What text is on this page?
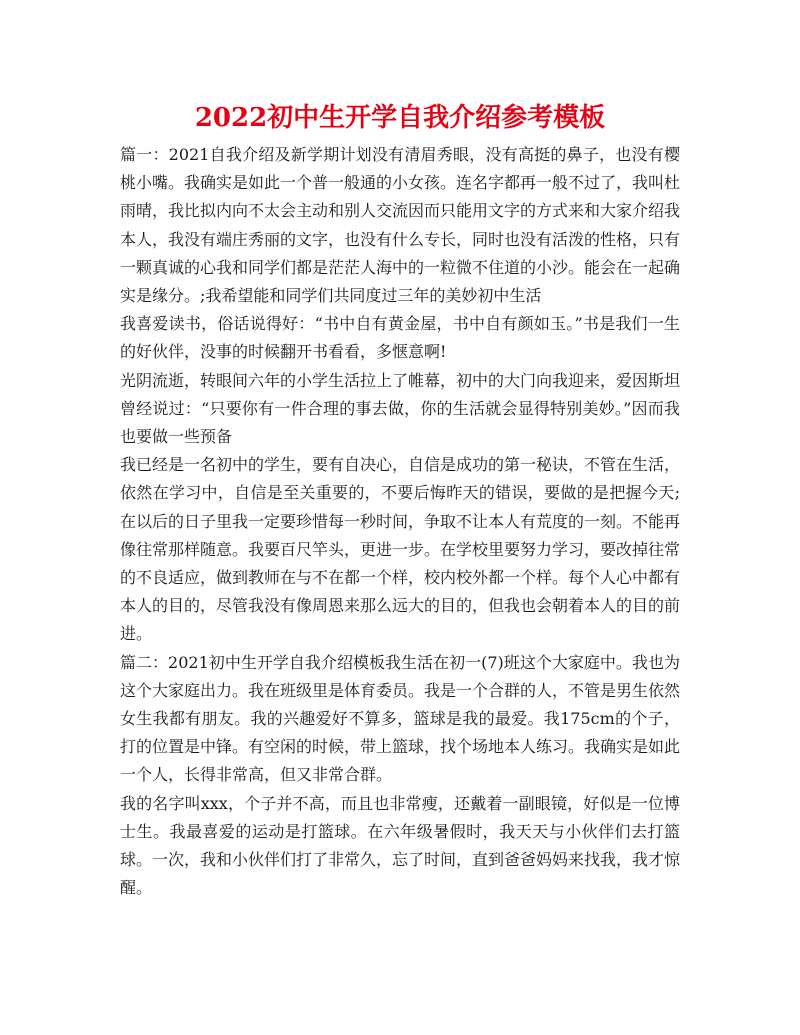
2022初中生开学自我介绍参考模板

篇一：2021自我介绍及新学期计划没有清眉秀眼，没有高挺的鼻子，也没有樱桃小嘴。我确实是如此一个普一般通的小女孩。连名字都再一般不过了，我叫杜雨晴，我比拟内向不太会主动和别人交流因而只能用文字的方式来和大家介绍我本人，我没有端庄秀丽的文字，也没有什么专长，同时也没有活泼的性格，只有一颗真诚的心我和同学们都是茫茫人海中的一粒微不住道的小沙。能会在一起确实是缘分。;我希望能和同学们共同度过三年的美妙初中生活

我喜爱读书，俗话说得好：“书中自有黄金屋，书中自有颜如玉。”书是我们一生的好伙伴，没事的时候翻开书看看，多惬意啊!

光阴流逝，转眼间六年的小学生活拉上了帷幕，初中的大门向我迎来，爱因斯坦曾经说过：“只要你有一件合理的事去做，你的生活就会显得特别美妙。”因而我也要做一些预备

我已经是一名初中的学生，要有自决心，自信是成功的第一秘诀，不管在生活，依然在学习中，自信是至关重要的，不要后悔昨天的错误，要做的是把握今天;在以后的日子里我一定要珍惜每一秒时间，争取不让本人有荒度的一刻。不能再像往常那样随意。我要百尺竿头，更进一步。在学校里要努力学习，要改掉往常的不良适应，做到教师在与不在都一个样，校内校外都一个样。每个人心中都有本人的目的，尽管我没有像周恩来那么远大的目的，但我也会朝着本人的目的前进。

篇二：2021初中生开学自我介绍模板我生活在初一(7)班这个大家庭中。我也为这个大家庭出力。我在班级里是体育委员。我是一个合群的人，不管是男生依然女生我都有朋友。我的兴趣爱好不算多，篮球是我的最爱。我175cm的个子，打的位置是中锋。有空闲的时候，带上篮球，找个场地本人练习。我确实是如此一个人，长得非常高，但又非常合群。

我的名字叫xxx，个子并不高，而且也非常瘦，还戴着一副眼镜，好似是一位博士生。我最喜爱的运动是打篮球。在六年级暑假时，我天天与小伙伴们去打篮球。一次，我和小伙伴们打了非常久，忘了时间，直到爸爸妈妈来找我，我才惊醒。
